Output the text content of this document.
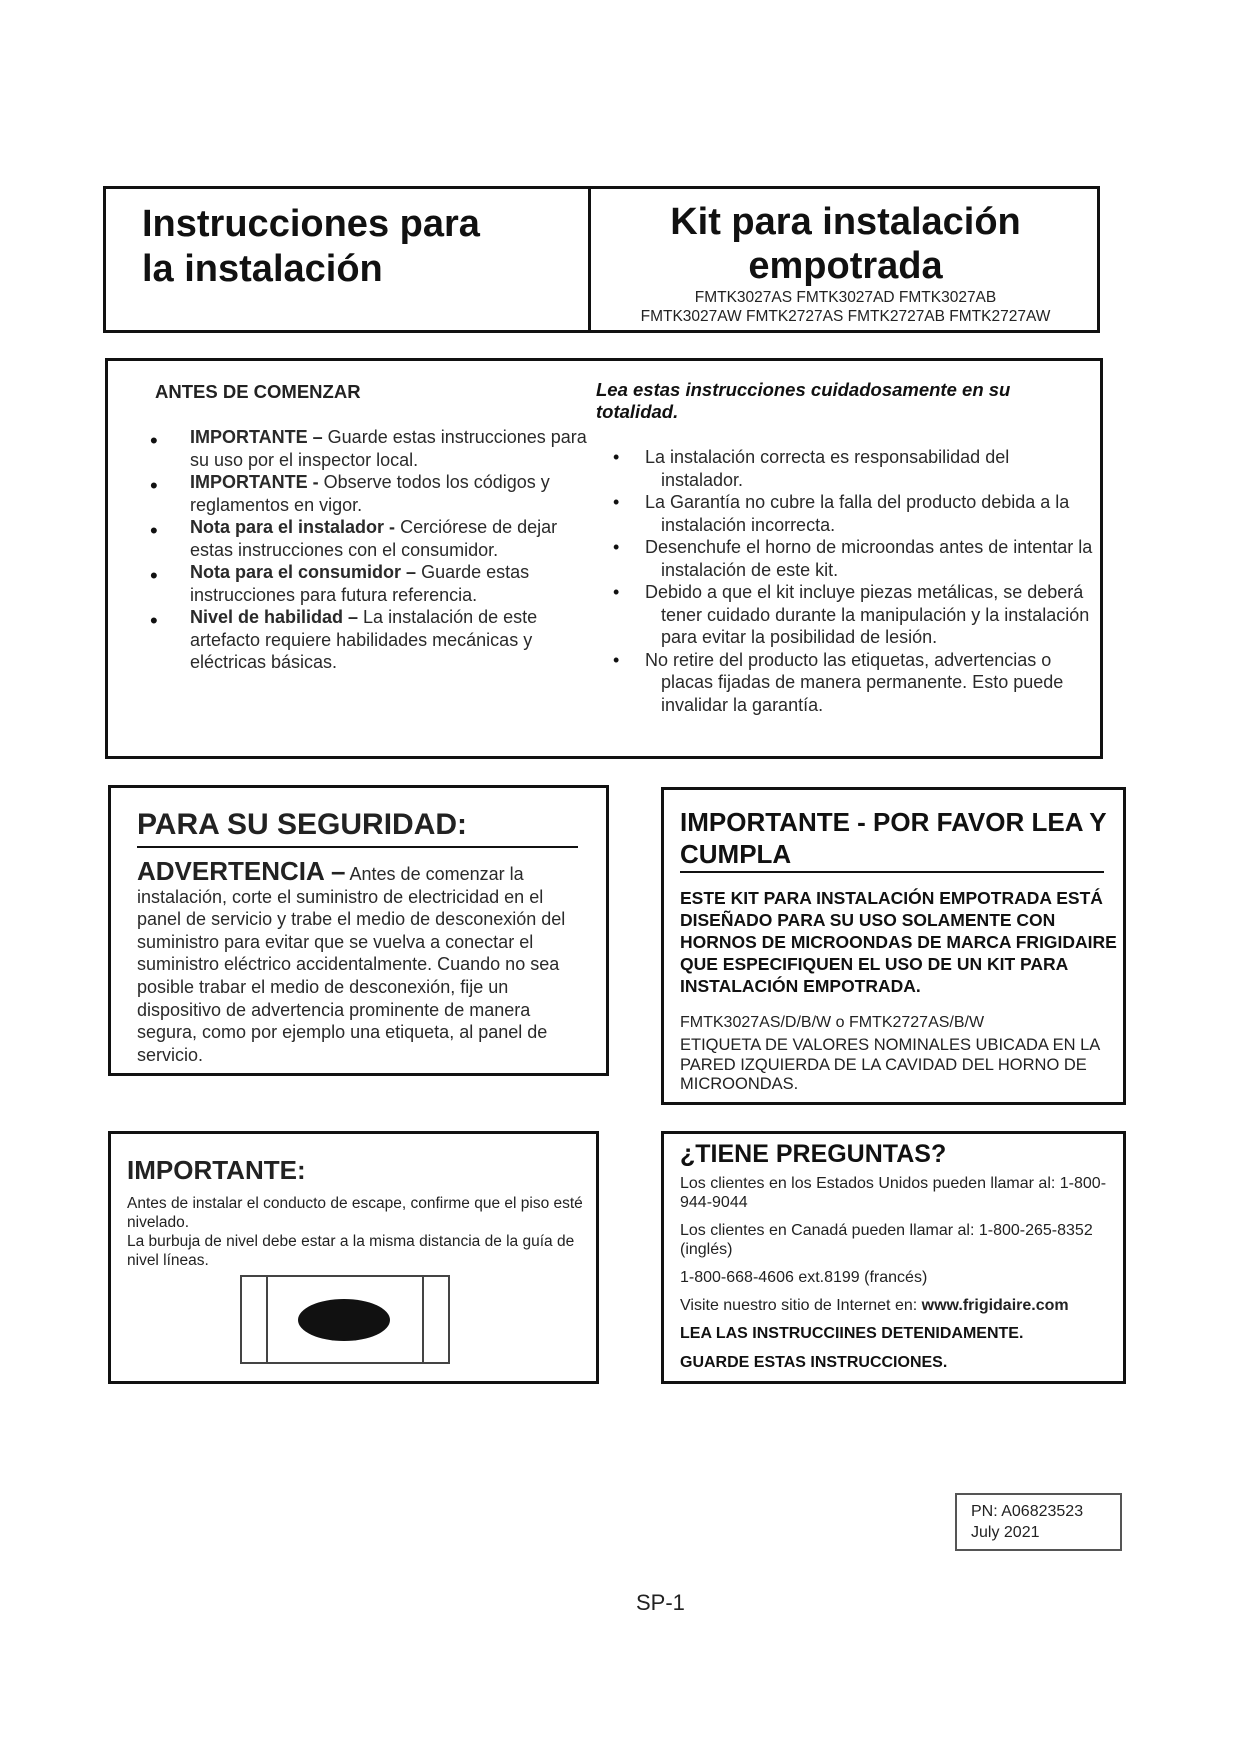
Instrucciones para
la instalación
Kit para instalación
empotrada
FMTK3027AS FMTK3027AD FMTK3027AB
FMTK3027AW FMTK2727AS FMTK2727AB FMTK2727AW
ANTES DE COMENZAR
• IMPORTANTE – Guarde estas instrucciones para su uso por el inspector local.
• IMPORTANTE - Observe todos los códigos y reglamentos en vigor.
• Nota para el instalador - Cerciórese de dejar estas instrucciones con el consumidor.
• Nota para el consumidor – Guarde estas instrucciones para futura referencia.
• Nivel de habilidad – La instalación de este artefacto requiere habilidades mecánicas y eléctricas básicas.
Lea estas instrucciones cuidadosamente en su totalidad.
• La instalación correcta es responsabilidad del instalador.
• La Garantía no cubre la falla del producto debida a la instalación incorrecta.
• Desenchufe el horno de microondas antes de intentar la instalación de este kit.
• Debido a que el kit incluye piezas metálicas, se deberá tener cuidado durante la manipulación y la instalación para evitar la posibilidad de lesión.
• No retire del producto las etiquetas, advertencias o placas fijadas de manera permanente. Esto puede invalidar la garantía.
PARA SU SEGURIDAD:
ADVERTENCIA – Antes de comenzar la instalación, corte el suministro de electricidad en el panel de servicio y trabe el medio de desconexión del suministro para evitar que se vuelva a conectar el suministro eléctrico accidentalmente. Cuando no sea posible trabar el medio de desconexión, fije un dispositivo de advertencia prominente de manera segura, como por ejemplo una etiqueta, al panel de servicio.
IMPORTANTE - POR FAVOR LEA Y CUMPLA
ESTE KIT PARA INSTALACIÓN EMPOTRADA ESTÁ DISEÑADO PARA SU USO SOLAMENTE CON HORNOS DE MICROONDAS DE MARCA FRIGIDAIRE QUE ESPECIFIQUEN EL USO DE UN KIT PARA INSTALACIÓN EMPOTRADA.
FMTK3027AS/D/B/W o FMTK2727AS/B/W
ETIQUETA DE VALORES NOMINALES UBICADA EN LA PARED IZQUIERDA DE LA CAVIDAD DEL HORNO DE MICROONDAS.
IMPORTANTE:
Antes de instalar el conducto de escape, confirme que el piso esté nivelado.
La burbuja de nivel debe estar a la misma distancia de la guía de nivel líneas.
¿TIENE PREGUNTAS?

Los clientes en los Estados Unidos pueden llamar al: 1-800-944-9044

Los clientes en Canadá pueden llamar al: 1-800-265-8352 (inglés)

1-800-668-4606 ext.8199 (francés)

Visite nuestro sitio de Internet en: www.frigidaire.com

LEA LAS INSTRUCCIINES DETENIDAMENTE.

GUARDE ESTAS INSTRUCCIONES.

PN: A06823523
July 2021
SP-1
